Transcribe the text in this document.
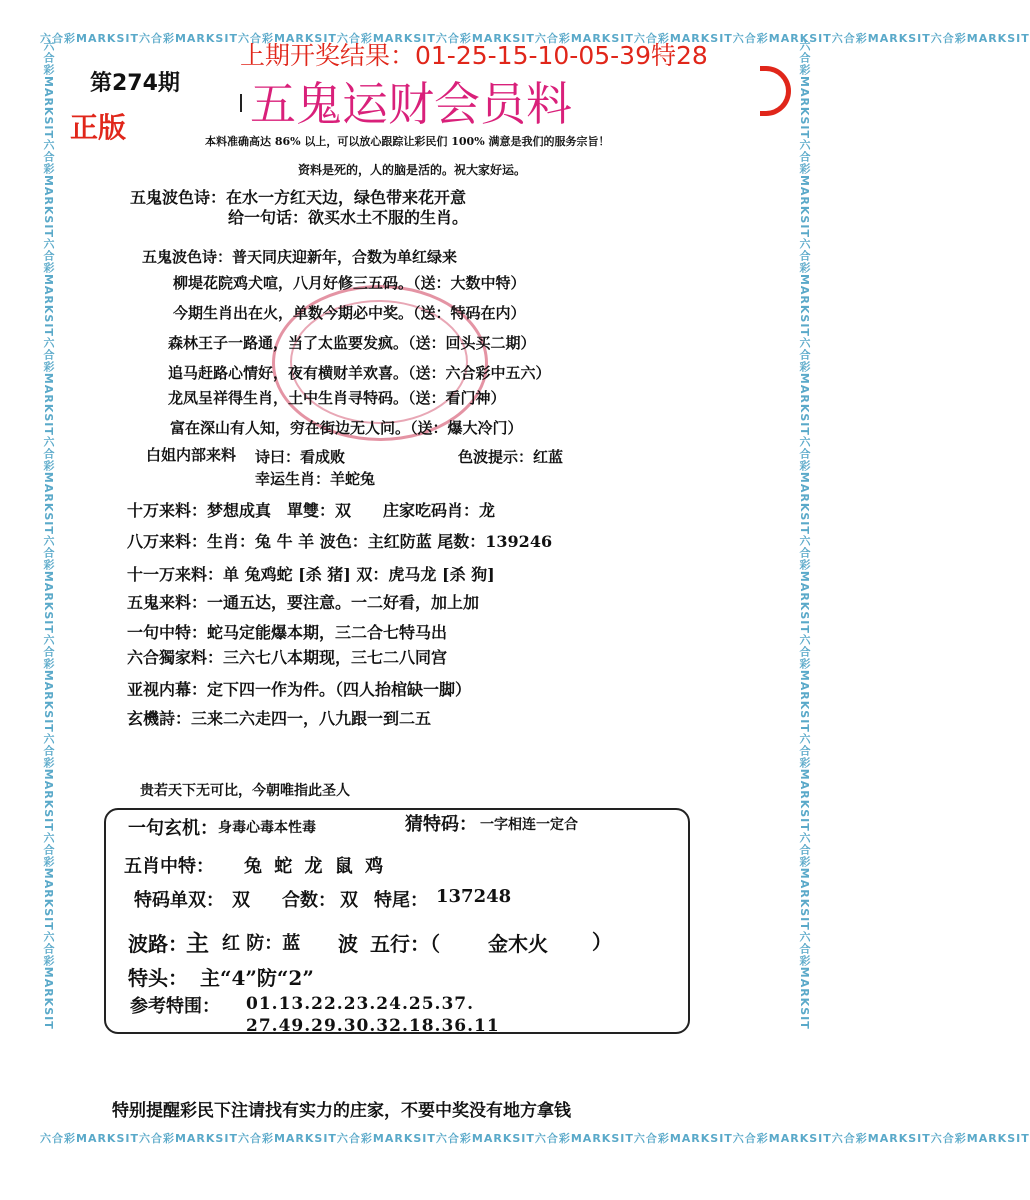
六合彩MARKSIT六合彩MARKSIT六合彩MARKSIT六合彩MARKSIT六合彩MARKSIT六合彩MARKSIT六合彩MARKSIT六合彩MARKSIT六合彩MARKSIT六合彩MARKSIT
六合彩MARKSIT六合彩MARKSIT六合彩MARKSIT六合彩MARKSIT六合彩MARKSIT六合彩MARKSIT六合彩MARKSIT六合彩MARKSIT六合彩MARKSIT六合彩MARKSIT
六合彩MARKSIT六合彩MARKSIT六合彩MARKSIT六合彩MARKSIT六合彩MARKSIT六合彩MARKSIT六合彩MARKSIT六合彩MARKSIT六合彩MARKSIT六合彩MARKSIT	六合彩MARKSIT六合彩MARKSIT六合彩MARKSIT六合彩MARKSIT六合彩MARKSIT六合彩MARKSIT六合彩MARKSIT六合彩MARKSIT六合彩MARKSIT六合彩MARKSIT
上期开奖结果：01-25-15-10-05-39特28
第274期
正版	五鬼运财会员料
本料准确高达 86% 以上，可以放心跟踪让彩民们 100% 满意是我们的服务宗旨！
资料是死的，人的脑是活的。祝大家好运。
五鬼波色诗：在水一方红天边，绿色带来花开意
给一句话：欲买水土不服的生肖。
五鬼波色诗：普天同庆迎新年，合数为单红绿来
柳堤花院鸡犬喧，八月好修三五码。（送：大数中特）
今期生肖出在火，单数今期必中奖。（送：特码在内）
森林王子一路通，当了太监要发疯。（送：回头买二期）
追马赶路心情好，夜有横财羊欢喜。（送：六合彩中五六）
龙凤呈祥得生肖，土中生肖寻特码。（送：看门神）
富在深山有人知，穷在街边无人问。（送：爆大冷门）
白姐内部来料 诗曰：看成败	色波提示：红蓝
幸运生肖：羊蛇兔
十万来料：梦想成真　單雙：双　　庄家吃码肖：龙
八万来料：生肖：兔 牛 羊 波色：主红防蓝 尾数：139246
十一万来料：单 兔鸡蛇 [杀 猪] 双：虎马龙 [杀 狗]
五鬼来料：一通五达，要注意。一二好看，加上加
一句中特：蛇马定能爆本期，三二合七特马出
六合獨家料：三六七八本期现，三七二八同宫
亚视内幕：定下四一作为件。（四人抬棺缺一脚）
玄機詩：三来二六走四一，八九跟一到二五
贵若天下无可比，今朝唯指此圣人
一句玄机： 身毒心毒本性毒	猜特码： 一字相连一定合
五肖中特： 兔 蛇 龙 鼠 鸡
特码单双： 双 合数： 双 特尾： 137248
波路：
主 红 防：蓝 波 五行：（ 金木火 ）
特头： 主“4”防“2”
参考特围： 01.13.22.23.24.25.37.
27.49.29.30.32.18.36.11
特别提醒彩民下注请找有实力的庄家，不要中奖没有地方拿钱
